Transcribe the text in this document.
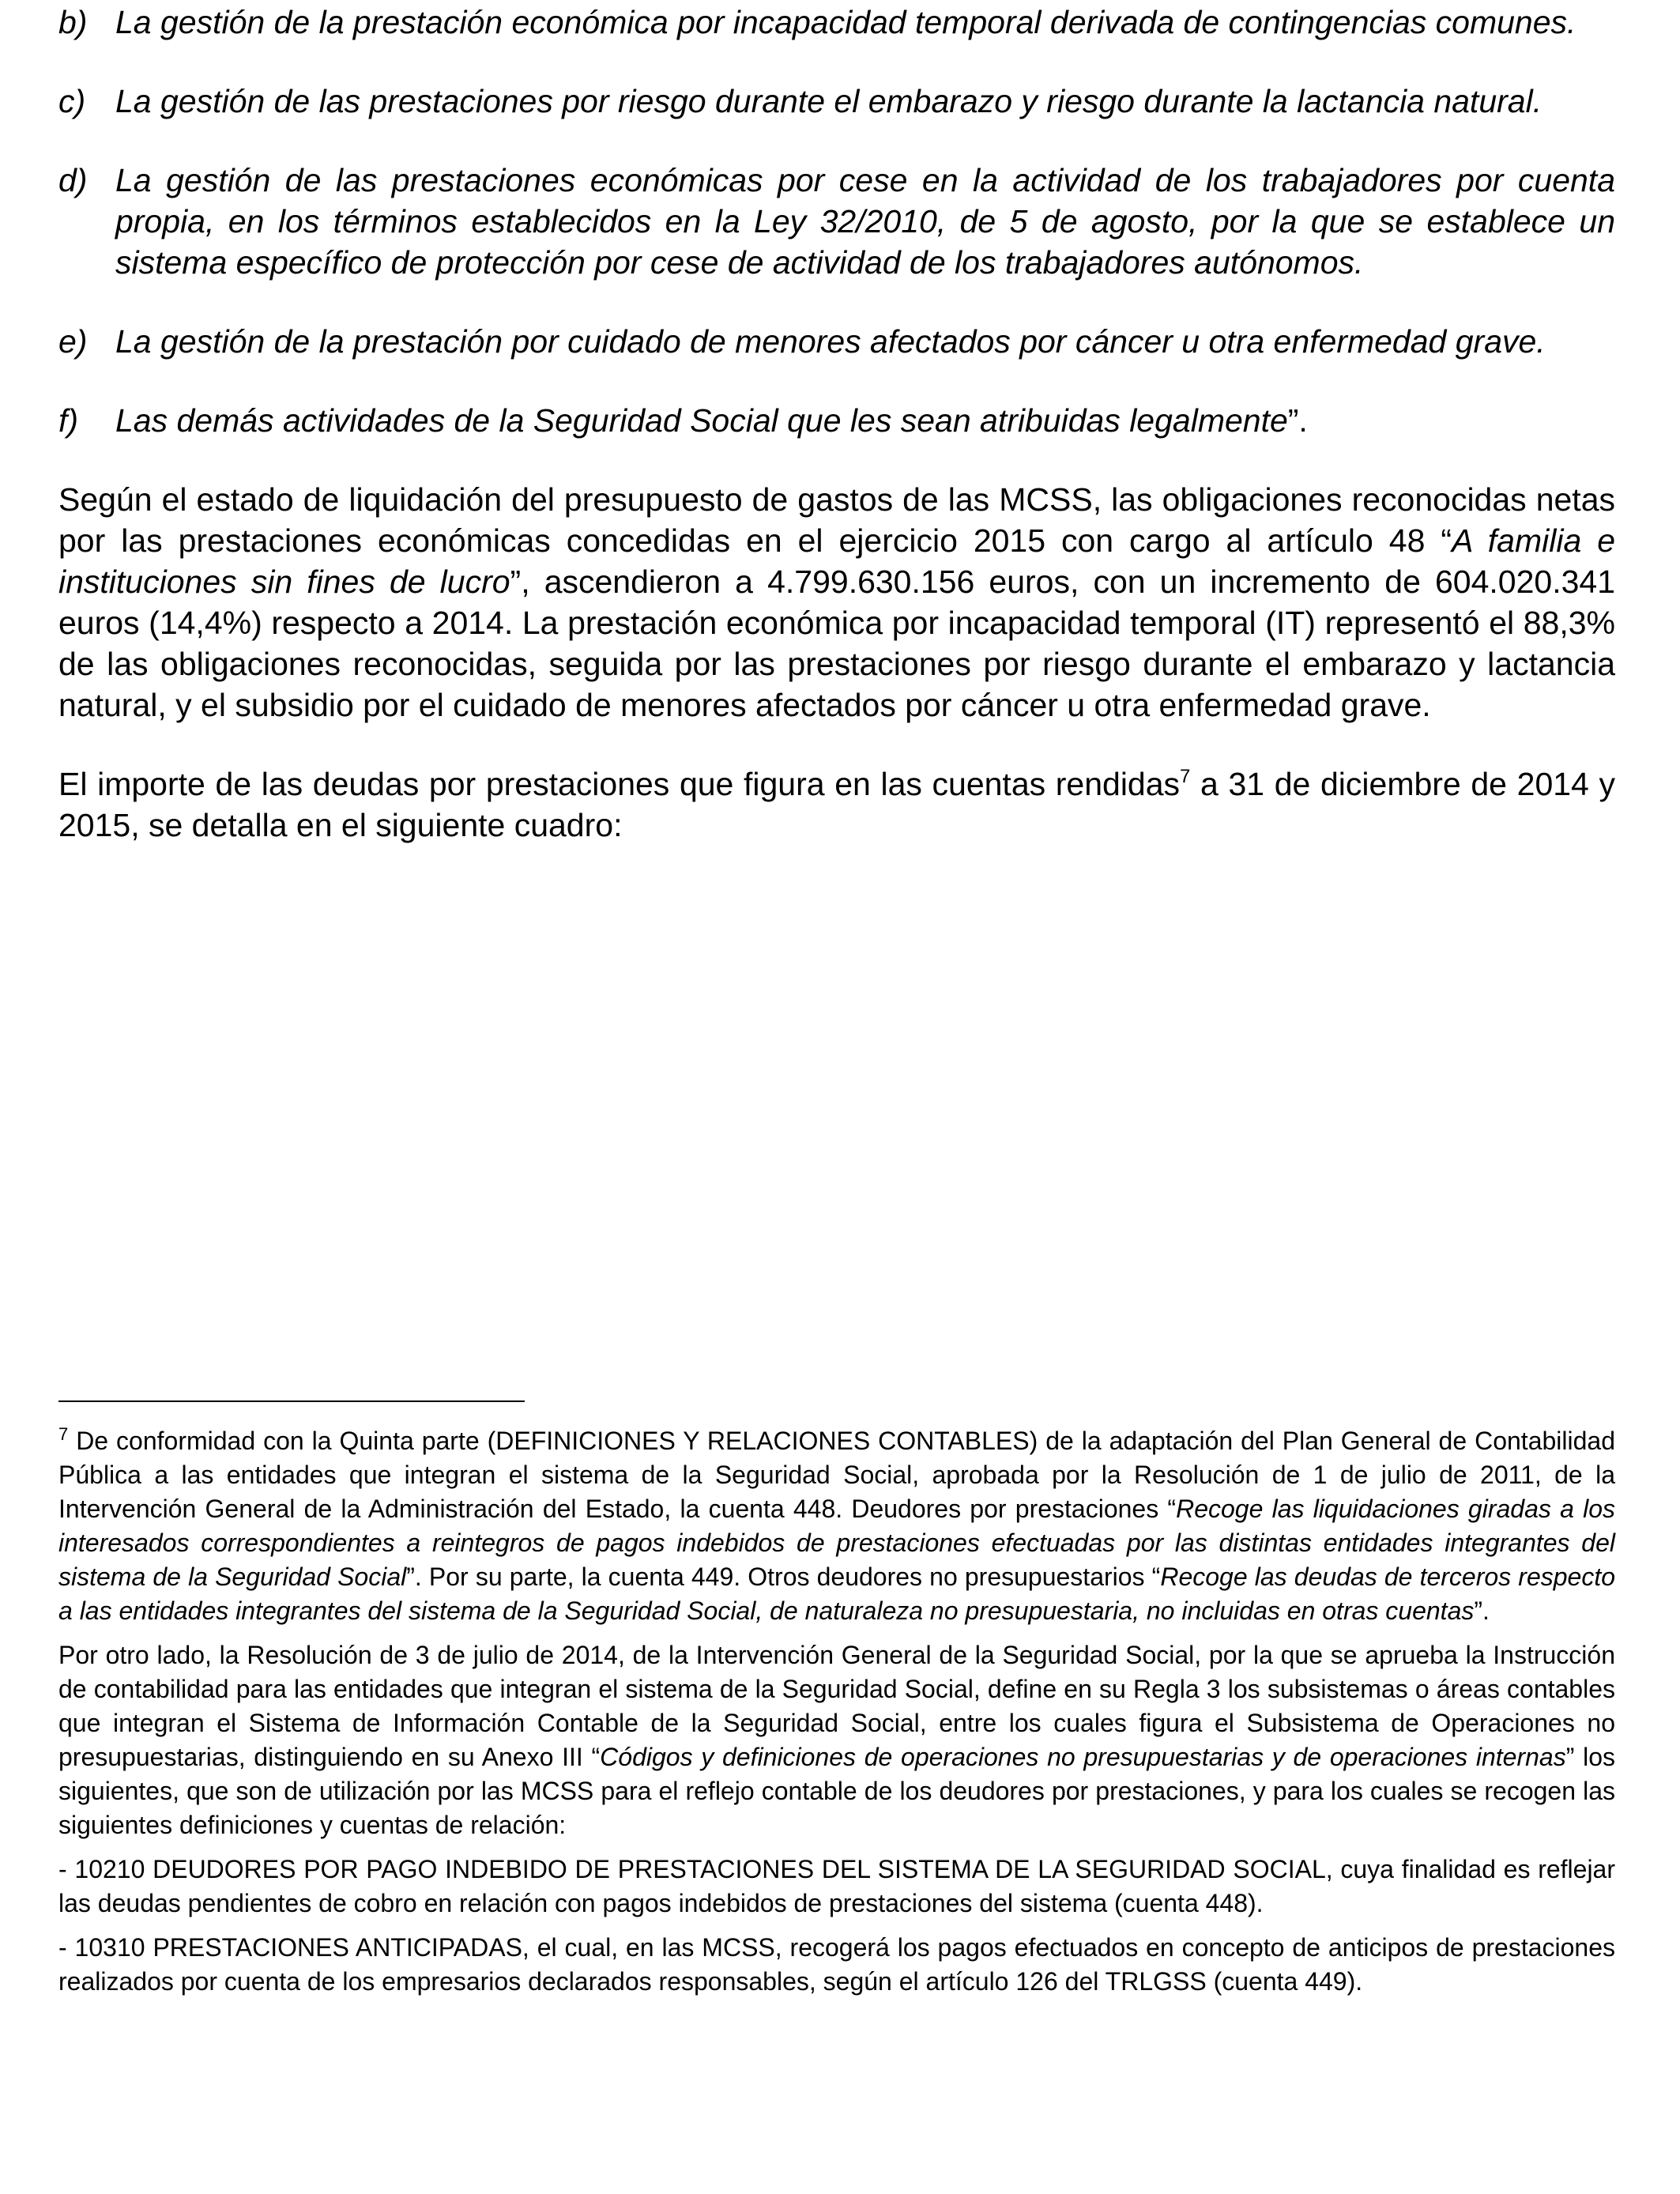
b) La gestión de la prestación económica por incapacidad temporal derivada de contingencias comunes.
c) La gestión de las prestaciones por riesgo durante el embarazo y riesgo durante la lactancia natural.
d) La gestión de las prestaciones económicas por cese en la actividad de los trabajadores por cuenta propia, en los términos establecidos en la Ley 32/2010, de 5 de agosto, por la que se establece un sistema específico de protección por cese de actividad de los trabajadores autónomos.
e) La gestión de la prestación por cuidado de menores afectados por cáncer u otra enfermedad grave.
f) Las demás actividades de la Seguridad Social que les sean atribuidas legalmente”.

Según el estado de liquidación del presupuesto de gastos de las MCSS, las obligaciones reconocidas netas por las prestaciones económicas concedidas en el ejercicio 2015 con cargo al artículo 48 “A familia e instituciones sin fines de lucro”, ascendieron a 4.799.630.156 euros, con un incremento de 604.020.341 euros (14,4%) respecto a 2014. La prestación económica por incapacidad temporal (IT) representó el 88,3% de las obligaciones reconocidas, seguida por las prestaciones por riesgo durante el embarazo y lactancia natural, y el subsidio por el cuidado de menores afectados por cáncer u otra enfermedad grave.

El importe de las deudas por prestaciones que figura en las cuentas rendidas$^7$ a 31 de diciembre de 2014 y 2015, se detalla en el siguiente cuadro:

$^7$ De conformidad con la Quinta parte (DEFINICIONES Y RELACIONES CONTABLES) de la adaptación del Plan General de Contabilidad Pública a las entidades que integran el sistema de la Seguridad Social, aprobada por la Resolución de 1 de julio de 2011, de la Intervención General de la Administración del Estado, la cuenta 448. Deudores por prestaciones “Recoge las liquidaciones giradas a los interesados correspondientes a reintegros de pagos indebidos de prestaciones efectuadas por las distintas entidades integrantes del sistema de la Seguridad Social”. Por su parte, la cuenta 449. Otros deudores no presupuestarios “Recoge las deudas de terceros respecto a las entidades integrantes del sistema de la Seguridad Social, de naturaleza no presupuestaria, no incluidas en otras cuentas”.
Por otro lado, la Resolución de 3 de julio de 2014, de la Intervención General de la Seguridad Social, por la que se aprueba la Instrucción de contabilidad para las entidades que integran el sistema de la Seguridad Social, define en su Regla 3 los subsistemas o áreas contables que integran el Sistema de Información Contable de la Seguridad Social, entre los cuales figura el Subsistema de Operaciones no presupuestarias, distinguiendo en su Anexo III “Códigos y definiciones de operaciones no presupuestarias y de operaciones internas” los siguientes, que son de utilización por las MCSS para el reflejo contable de los deudores por prestaciones, y para los cuales se recogen las siguientes definiciones y cuentas de relación:
- 10210 DEUDORES POR PAGO INDEBIDO DE PRESTACIONES DEL SISTEMA DE LA SEGURIDAD SOCIAL, cuya finalidad es reflejar las deudas pendientes de cobro en relación con pagos indebidos de prestaciones del sistema (cuenta 448).
- 10310 PRESTACIONES ANTICIPADAS, el cual, en las MCSS, recogerá los pagos efectuados en concepto de anticipos de prestaciones realizados por cuenta de los empresarios declarados responsables, según el artículo 126 del TRLGSS (cuenta 449).
